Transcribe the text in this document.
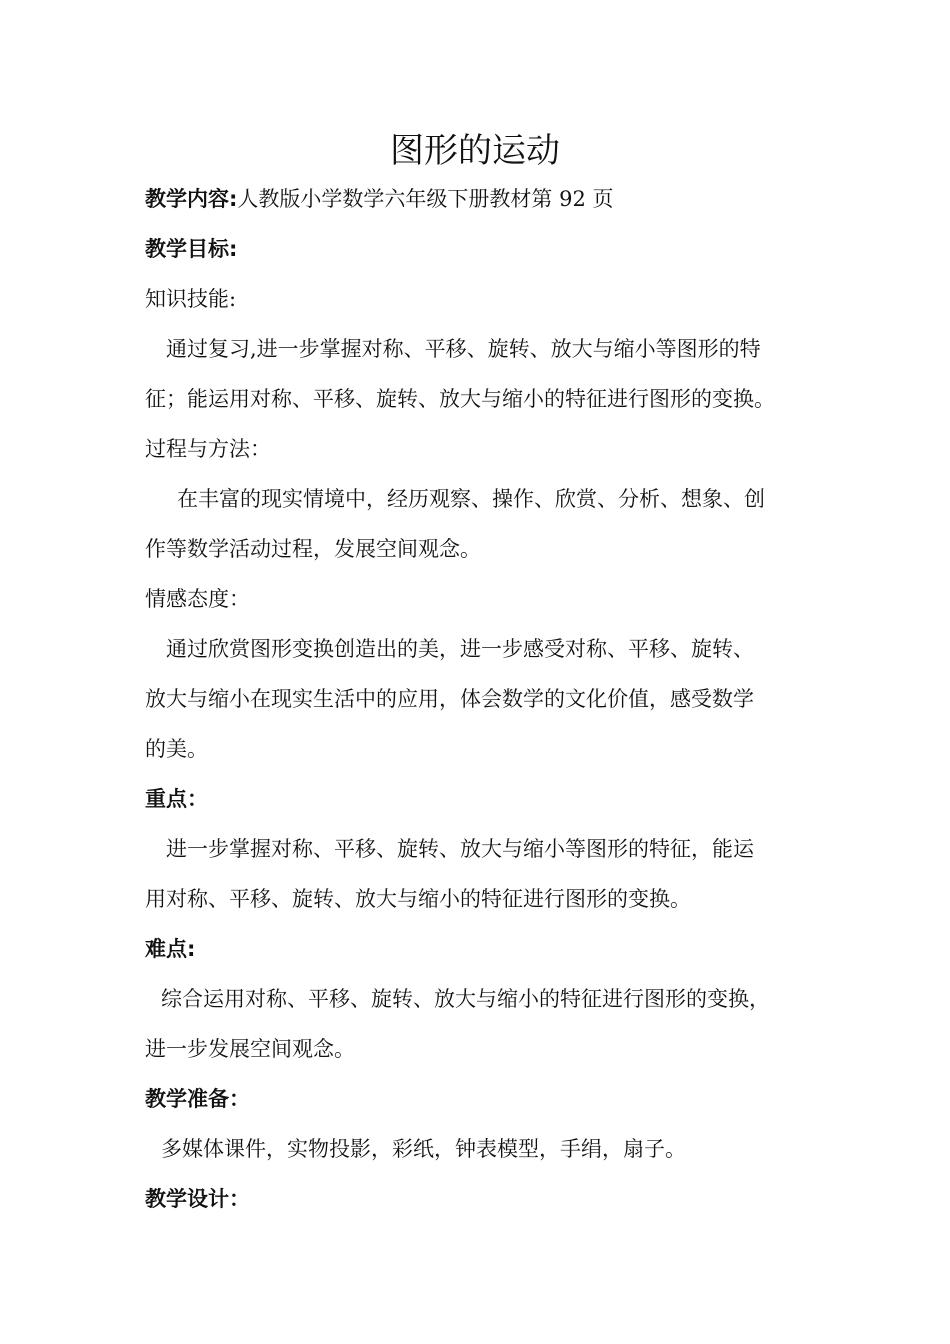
图形的运动

教学内容:人教版小学数学六年级下册教材第 92 页

教学目标:

知识技能:

通过复习,进一步掌握对称、平移、旋转、放大与缩小等图形的特

征；能运用对称、平移、旋转、放大与缩小的特征进行图形的变换。

过程与方法：

在丰富的现实情境中，经历观察、操作、欣赏、分析、想象、创

作等数学活动过程，发展空间观念。

情感态度：

通过欣赏图形变换创造出的美，进一步感受对称、平移、旋转、

放大与缩小在现实生活中的应用，体会数学的文化价值，感受数学

的美。

重点：

进一步掌握对称、平移、旋转、放大与缩小等图形的特征，能运

用对称、平移、旋转、放大与缩小的特征进行图形的变换。

难点:

综合运用对称、平移、旋转、放大与缩小的特征进行图形的变换，

进一步发展空间观念。

教学准备：

多媒体课件，实物投影，彩纸，钟表模型，手绢，扇子。

教学设计：
